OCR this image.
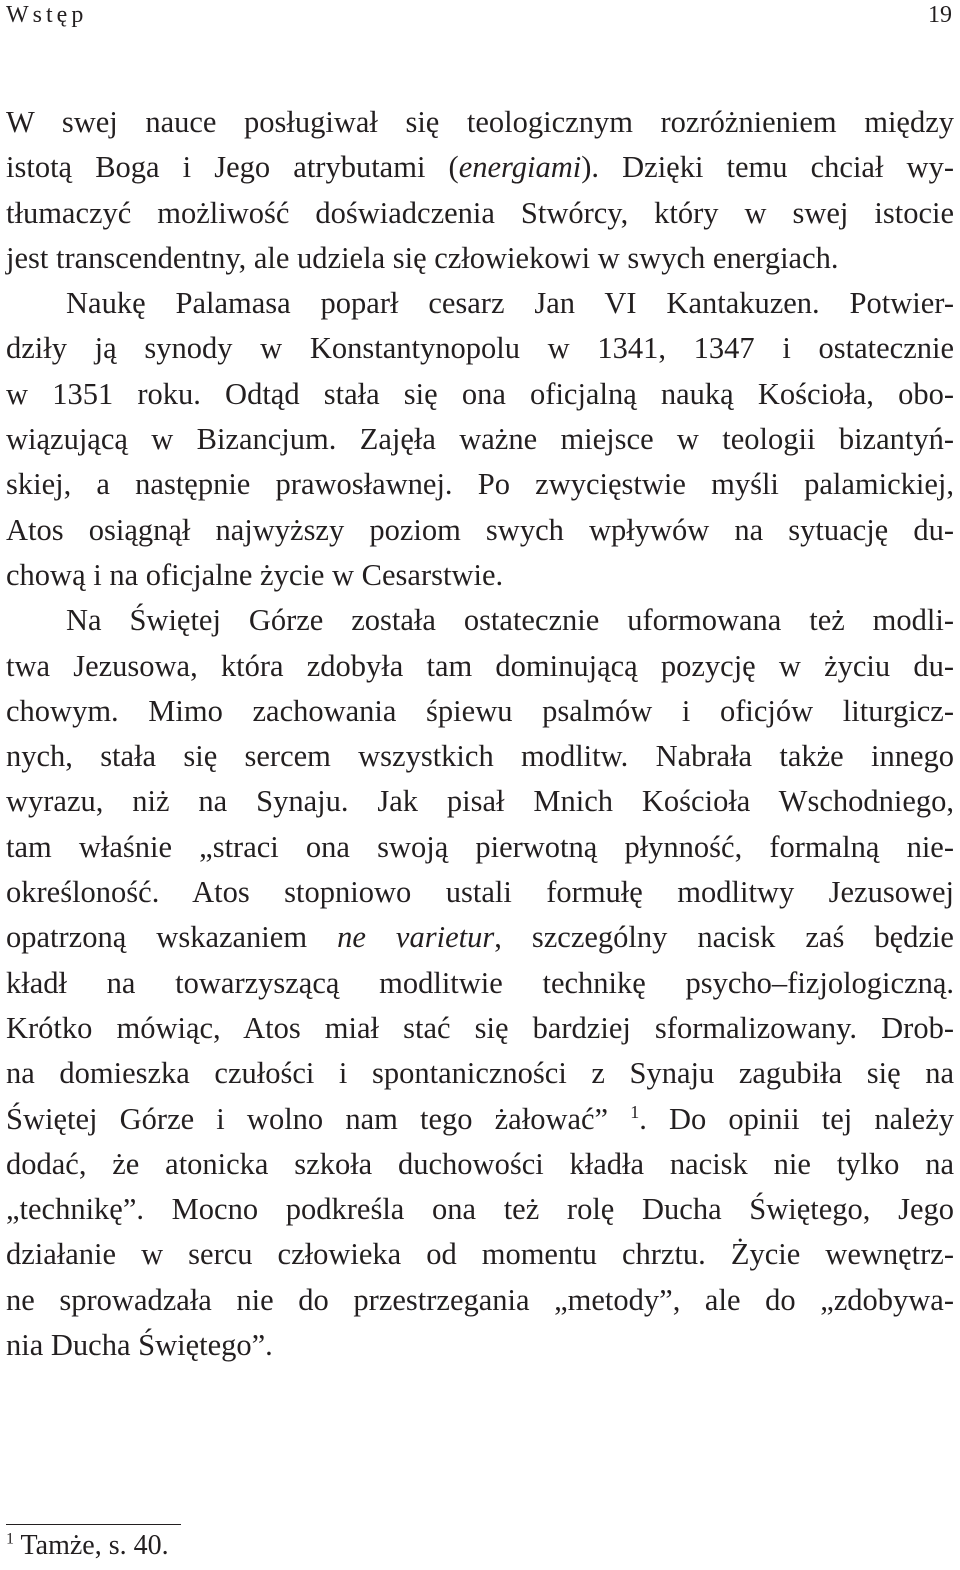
Wstęp	19

W swej nauce posługiwał się teologicznym rozróżnieniem między
istotą Boga i Jego atrybutami (energiami). Dzięki temu chciał wy-
tłumaczyć możliwość doświadczenia Stwórcy, który w swej istocie
jest transcendentny, ale udziela się człowiekowi w swych energiach.

Naukę Palamasa poparł cesarz Jan VI Kantakuzen. Potwier-
dziły ją synody w Konstantynopolu w 1341, 1347 i ostatecznie
w 1351 roku. Odtąd stała się ona oficjalną nauką Kościoła, obo-
wiązującą w Bizancjum. Zajęła ważne miejsce w teologii bizantyń-
skiej, a następnie prawosławnej. Po zwycięstwie myśli palamickiej,
Atos osiągnął najwyższy poziom swych wpływów na sytuację du-
chową i na oficjalne życie w Cesarstwie.

Na Świętej Górze została ostatecznie uformowana też modli-
twa Jezusowa, która zdobyła tam dominującą pozycję w życiu du-
chowym. Mimo zachowania śpiewu psalmów i oficjów liturgicz-
nych, stała się sercem wszystkich modlitw. Nabrała także innego
wyrazu, niż na Synaju. Jak pisał Mnich Kościoła Wschodniego,
tam właśnie „straci ona swoją pierwotną płynność, formalną nie-
określoność. Atos stopniowo ustali formułę modlitwy Jezusowej
opatrzoną wskazaniem ne varietur, szczególny nacisk zaś będzie
kładł na towarzyszącą modlitwie technikę psycho–fizjologiczną.
Krótko mówiąc, Atos miał stać się bardziej sformalizowany. Drob-
na domieszka czułości i spontaniczności z Synaju zagubiła się na
Świętej Górze i wolno nam tego żałować” $^1$. Do opinii tej należy
dodać, że atonicka szkoła duchowości kładła nacisk nie tylko na
„technikę”. Mocno podkreśla ona też rolę Ducha Świętego, Jego
działanie w sercu człowieka od momentu chrztu. Życie wewnętrz-
ne sprowadzała nie do przestrzegania „metody”, ale do „zdobywa-
nia Ducha Świętego”.

$^1$ Tamże, s. 40.
